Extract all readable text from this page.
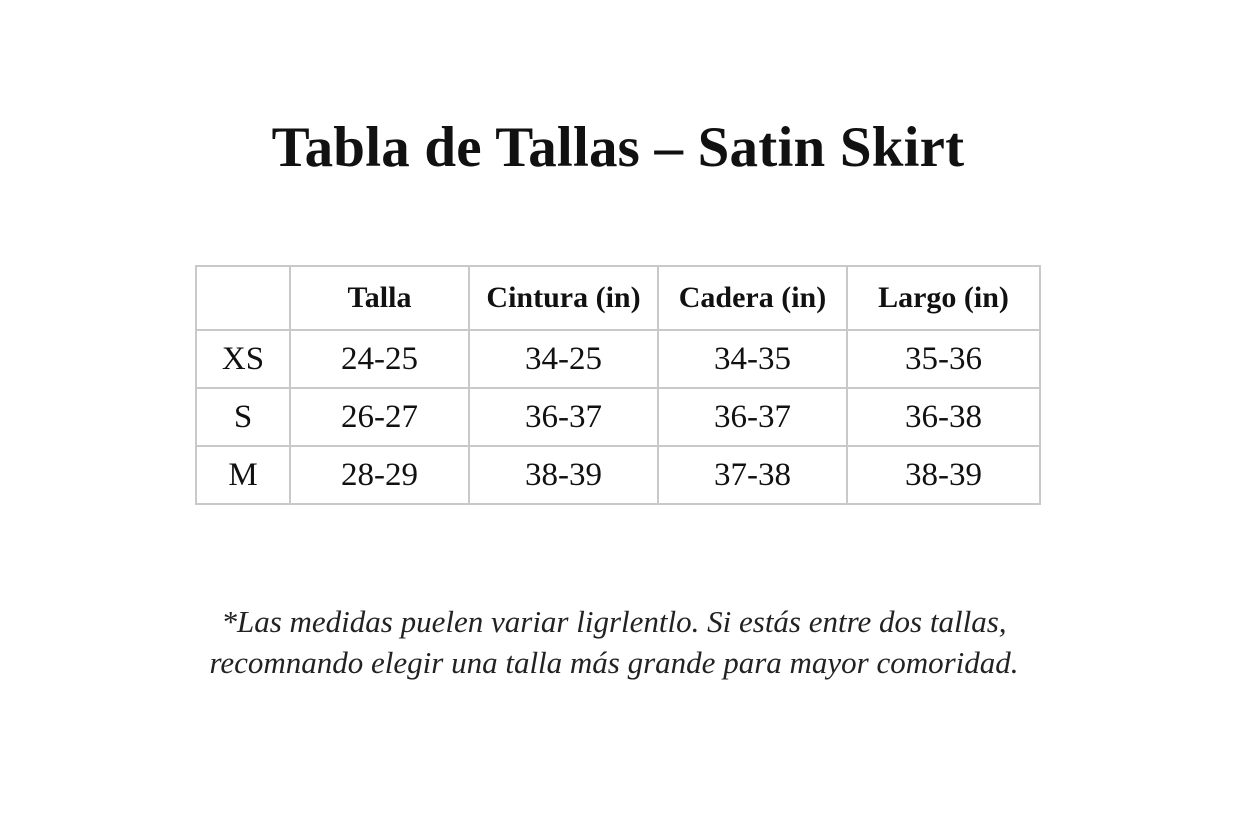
Tabla de Tallas – Satin Skirt
	Talla	Cintura (in)	Cadera (in)	Largo (in)
XS	24-25	34-25	34-35	35-36
S	26-27	36-37	36-37	36-38
M	28-29	38-39	37-38	38-39
*Las medidas puelen variar ligrlentlo. Si estás entre dos tallas,
recomnando elegir una talla más grande para mayor comoridad.
